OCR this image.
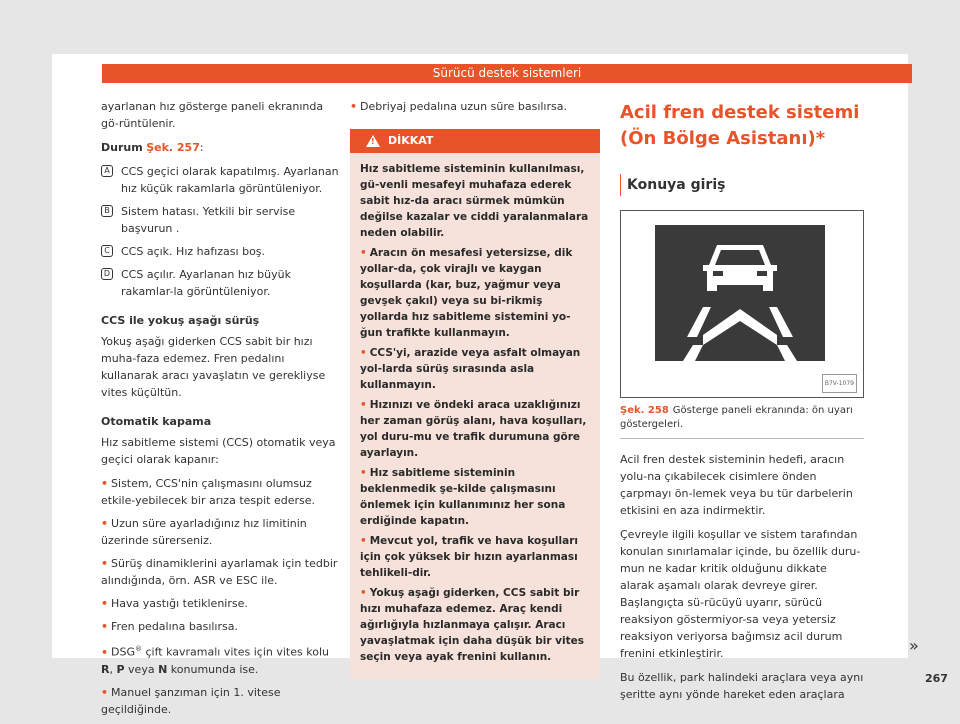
Sürücü destek sistemleri

ayarlanan hız gösterge paneli ekranında gö-rüntülenir.

Durum Şek. 257:

A CCS geçici olarak kapatılmış. Ayarlanan hız küçük rakamlarla görüntüleniyor.
B Sistem hatası. Yetkili bir servise başvurun .
C CCS açık. Hız hafızası boş.
D CCS açılır. Ayarlanan hız büyük rakamlar-la görüntüleniyor.
CCS ile yokuş aşağı sürüş

Yokuş aşağı giderken CCS sabit bir hızı muha-faza edemez. Fren pedalını kullanarak aracı yavaşlatın ve gerekliyse vites küçültün.

Otomatik kapama

Hız sabitleme sistemi (CCS) otomatik veya geçici olarak kapanır:

• Sistem, CCS'nin çalışmasını olumsuz etkile-yebilecek bir arıza tespit ederse.
• Uzun süre ayarladığınız hız limitinin üzerinde sürerseniz.
• Sürüş dinamiklerini ayarlamak için tedbir alındığında, örn. ASR ve ESC ile.
• Hava yastığı tetiklenirse.
• Fren pedalına basılırsa.
• DSG® çift kavramalı vites için vites kolu R, P veya N konumunda ise.
• Manuel şanzıman için 1. vitese geçildiğinde.
• Debriyaj pedalına uzun süre basılırsa.
! DİKKAT

Hız sabitleme sisteminin kullanılması, gü-venli mesafeyi muhafaza ederek sabit hız-da aracı sürmek mümkün değilse kazalar ve ciddi yaralanmalara neden olabilir.

• Aracın ön mesafesi yetersizse, dik yollar-da, çok virajlı ve kaygan koşullarda (kar, buz, yağmur veya gevşek çakıl) veya su bi-rikmiş yollarda hız sabitleme sistemini yo-ğun trafikte kullanmayın.

• CCS'yi, arazide veya asfalt olmayan yol-larda sürüş sırasında asla kullanmayın.

• Hızınızı ve öndeki araca uzaklığınızı her zaman görüş alanı, hava koşulları, yol duru-mu ve trafik durumuna göre ayarlayın.

• Hız sabitleme sisteminin beklenmedik şe-kilde çalışmasını önlemek için kullanımınız her sona erdiğinde kapatın.

• Mevcut yol, trafik ve hava koşulları için çok yüksek bir hızın ayarlanması tehlikeli-dir.

• Yokuş aşağı giderken, CCS sabit bir hızı muhafaza edemez. Araç kendi ağırlığıyla hızlanmaya çalışır. Aracı yavaşlatmak için daha düşük bir vites seçin veya ayak frenini kullanın.

Acil fren destek sistemi (Ön Bölge Asistanı)*
Konuya giriş
B7V-1079
Şek. 258 Gösterge paneli ekranında: ön uyarı göstergeleri.

Acil fren destek sisteminin hedefi, aracın yolu-na çıkabilecek cisimlere önden çarpmayı ön-lemek veya bu tür darbelerin etkisini en aza indirmektir.

Çevreyle ilgili koşullar ve sistem tarafından konulan sınırlamalar içinde, bu özellik duru-mun ne kadar kritik olduğunu dikkate alarak aşamalı olarak devreye girer. Başlangıçta sü-rücüyü uyarır, sürücü reaksiyon göstermiyor-sa veya yetersiz reaksiyon veriyorsa bağımsız acil durum frenini etkinleştirir.

Bu özellik, park halindeki araçlara veya aynı şeritte aynı yönde hareket eden araçlara

»
267
